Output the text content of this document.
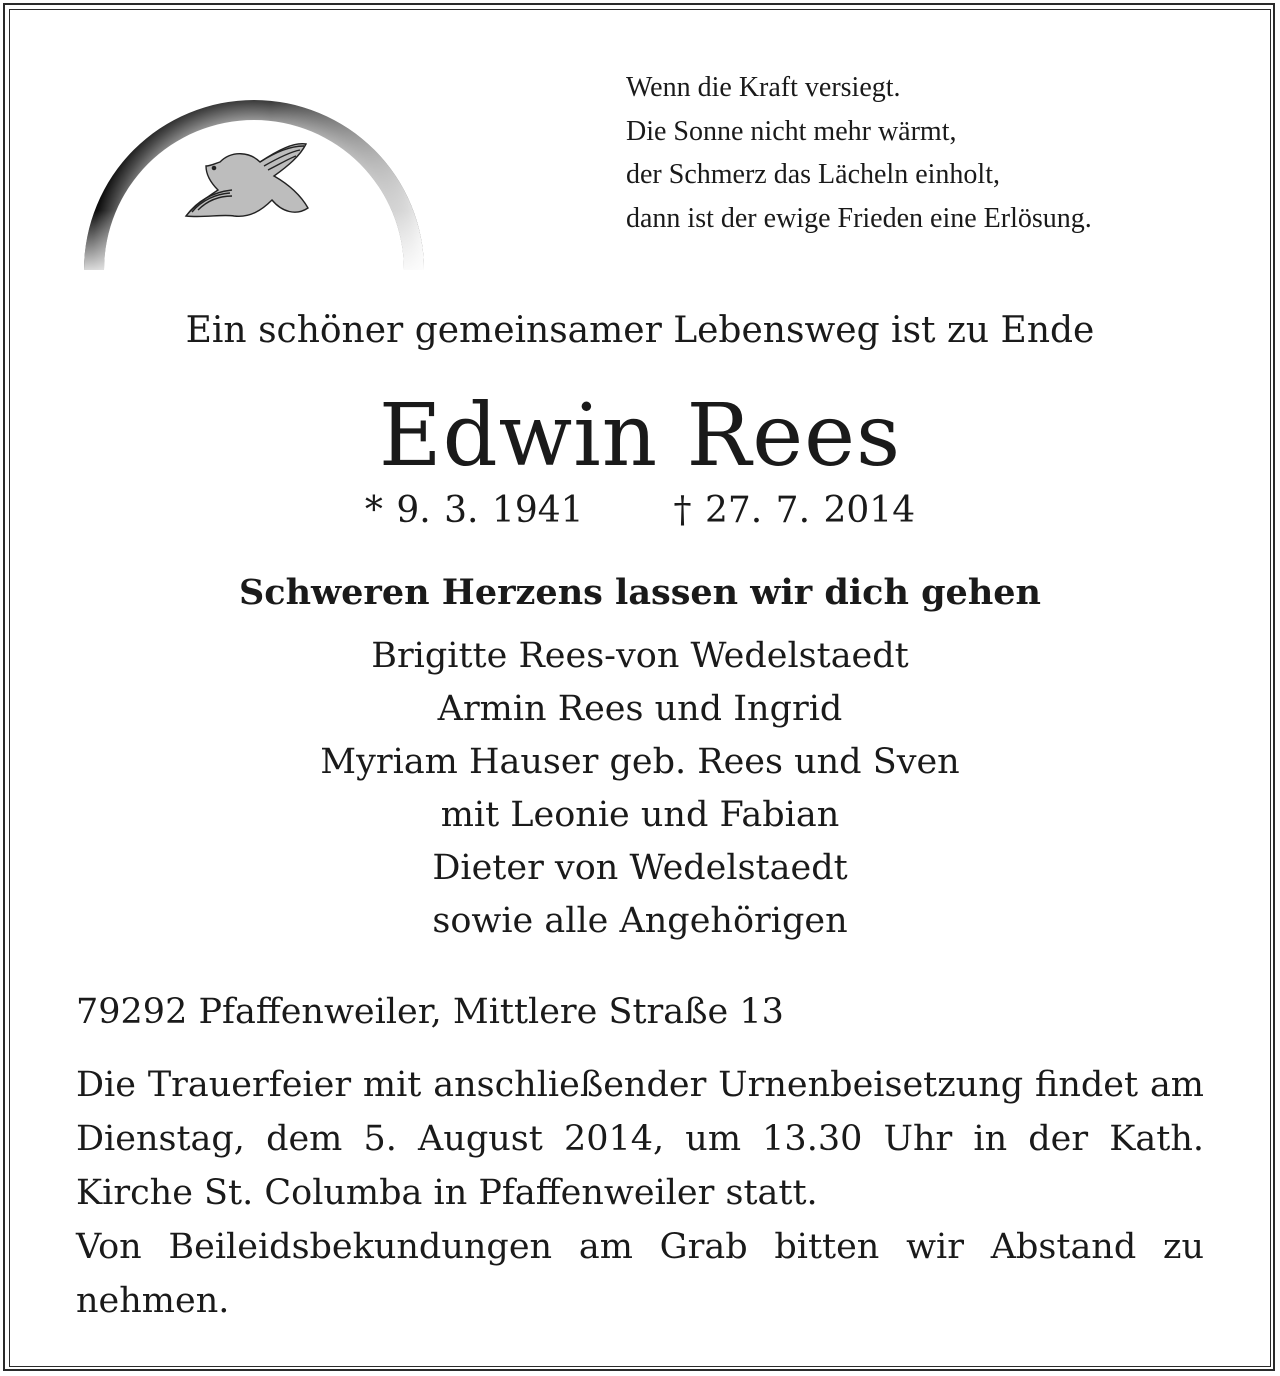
Wenn die Kraft versiegt.
Die Sonne nicht mehr wärmt,
der Schmerz das Lächeln einholt,
dann ist der ewige Frieden eine Erlösung.
Ein schöner gemeinsamer Lebensweg ist zu Ende
Edwin Rees
* 9. 3. 1941	† 27. 7. 2014
Schweren Herzens lassen wir dich gehen
Brigitte Rees-von Wedelstaedt
Armin Rees und Ingrid
Myriam Hauser geb. Rees und Sven
mit Leonie und Fabian
Dieter von Wedelstaedt
sowie alle Angehörigen
79292 Pfaffenweiler, Mittlere Straße 13

Die Trauerfeier mit anschließender Urnenbeisetzung findet am Dienstag, dem 5. August 2014, um 13.30 Uhr in der Kath. Kirche St. Columba in Pfaffenweiler statt.

Von Beileidsbekundungen am Grab bitten wir Abstand zu nehmen.
